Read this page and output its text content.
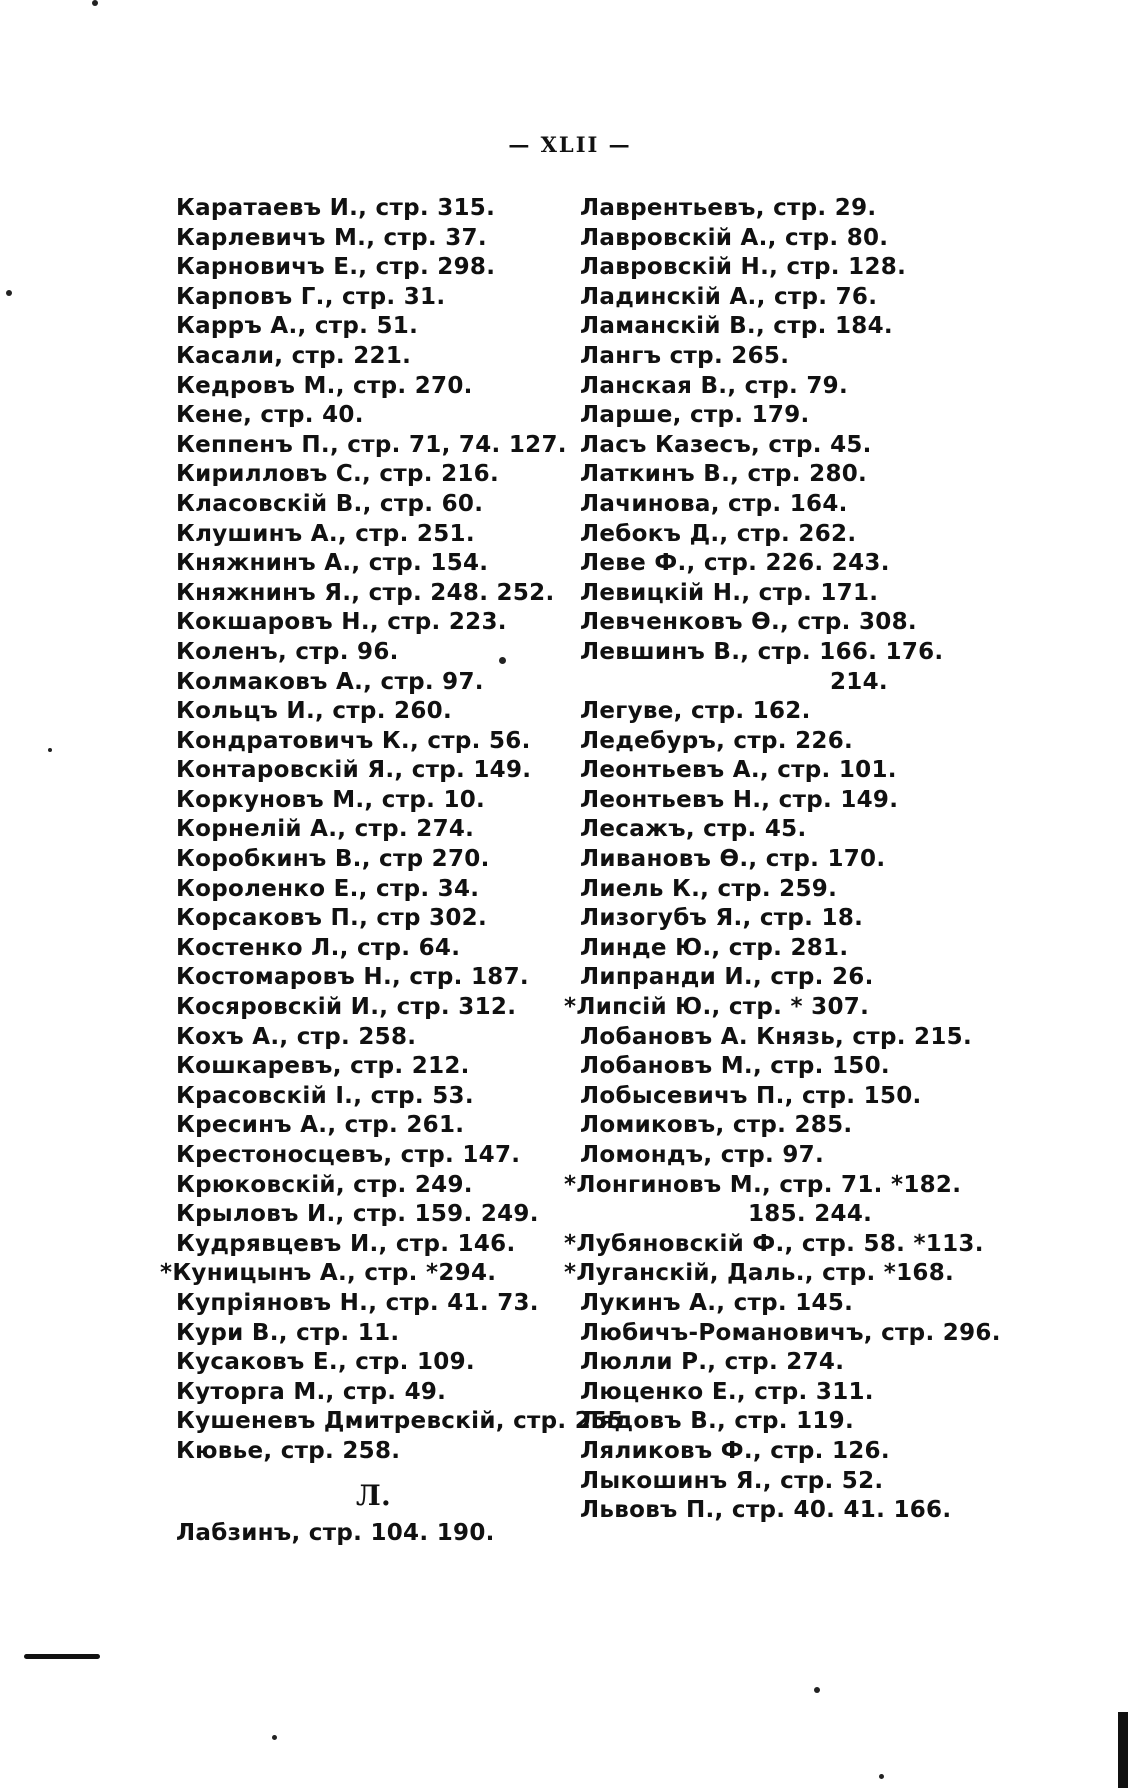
— XLII —
Каратаевъ И., стр. 315.
Карлевичъ М., стр. 37.
Карновичъ Е., стр. 298.
Карповъ Г., стр. 31.
Карръ А., стр. 51.
Касали, стр. 221.
Кедровъ М., стр. 270.
Кене, стр. 40.
Кеппенъ П., стр. 71, 74. 127.
Кирилловъ С., стр. 216.
Класовскій В., стр. 60.
Клушинъ А., стр. 251.
Княжнинъ А., стр. 154.
Княжнинъ Я., стр. 248. 252.
Кокшаровъ Н., стр. 223.
Коленъ, стр. 96.
Колмаковъ А., стр. 97.
Кольцъ И., стр. 260.
Кондратовичъ К., стр. 56.
Контаровскій Я., стр. 149.
Коркуновъ М., стр. 10.
Корнелій А., стр. 274.
Коробкинъ В., стр 270.
Короленко Е., стр. 34.
Корсаковъ П., стр 302.
Костенко Л., стр. 64.
Костомаровъ Н., стр. 187.
Косяровскій И., стр. 312.
Кохъ А., стр. 258.
Кошкаревъ, стр. 212.
Красовскій І., стр. 53.
Кресинъ А., стр. 261.
Крестоносцевъ, стр. 147.
Крюковскій, стр. 249.
Крыловъ И., стр. 159. 249.
Кудрявцевъ И., стр. 146.
*Куницынъ А., стр. *294.
Купріяновъ Н., стр. 41. 73.
Кури В., стр. 11.
Кусаковъ Е., стр. 109.
Куторга М., стр. 49.
Кушеневъ Дмитревскій, стр. 255.
Кювье, стр. 258.
Л.
Лабзинъ, стр. 104. 190.
Лаврентьевъ, стр. 29.
Лавровскій А., стр. 80.
Лавровскій Н., стр. 128.
Ладинскій А., стр. 76.
Ламанскій В., стр. 184.
Лангъ стр. 265.
Ланская В., стр. 79.
Ларше, стр. 179.
Ласъ Казесъ, стр. 45.
Латкинъ В., стр. 280.
Лачинова, стр. 164.
Лебокъ Д., стр. 262.
Леве Ф., стр. 226. 243.
Левицкій Н., стр. 171.
Левченковъ Ѳ., стр. 308.
Левшинъ В., стр. 166. 176.
214.
Легуве, стр. 162.
Ледебуръ, стр. 226.
Леонтьевъ А., стр. 101.
Леонтьевъ Н., стр. 149.
Лесажъ, стр. 45.
Ливановъ Ѳ., стр. 170.
Лиель К., стр. 259.
Лизогубъ Я., стр. 18.
Линде Ю., стр. 281.
Липранди И., стр. 26.
*Липсій Ю., стр. * 307.
Лобановъ А. Князь, стр. 215.
Лобановъ М., стр. 150.
Лобысевичъ П., стр. 150.
Ломиковъ, стр. 285.
Ломондъ, стр. 97.
*Лонгиновъ М., стр. 71. *182.
185. 244.
*Лубяновскій Ф., стр. 58. *113.
*Луганскій, Даль., стр. *168.
Лукинъ А., стр. 145.
Любичъ-Романовичъ, стр. 296.
Люлли Р., стр. 274.
Люценко Е., стр. 311.
Лядовъ В., стр. 119.
Ляликовъ Ф., стр. 126.
Лыкошинъ Я., стр. 52.
Львовъ П., стр. 40. 41. 166.
